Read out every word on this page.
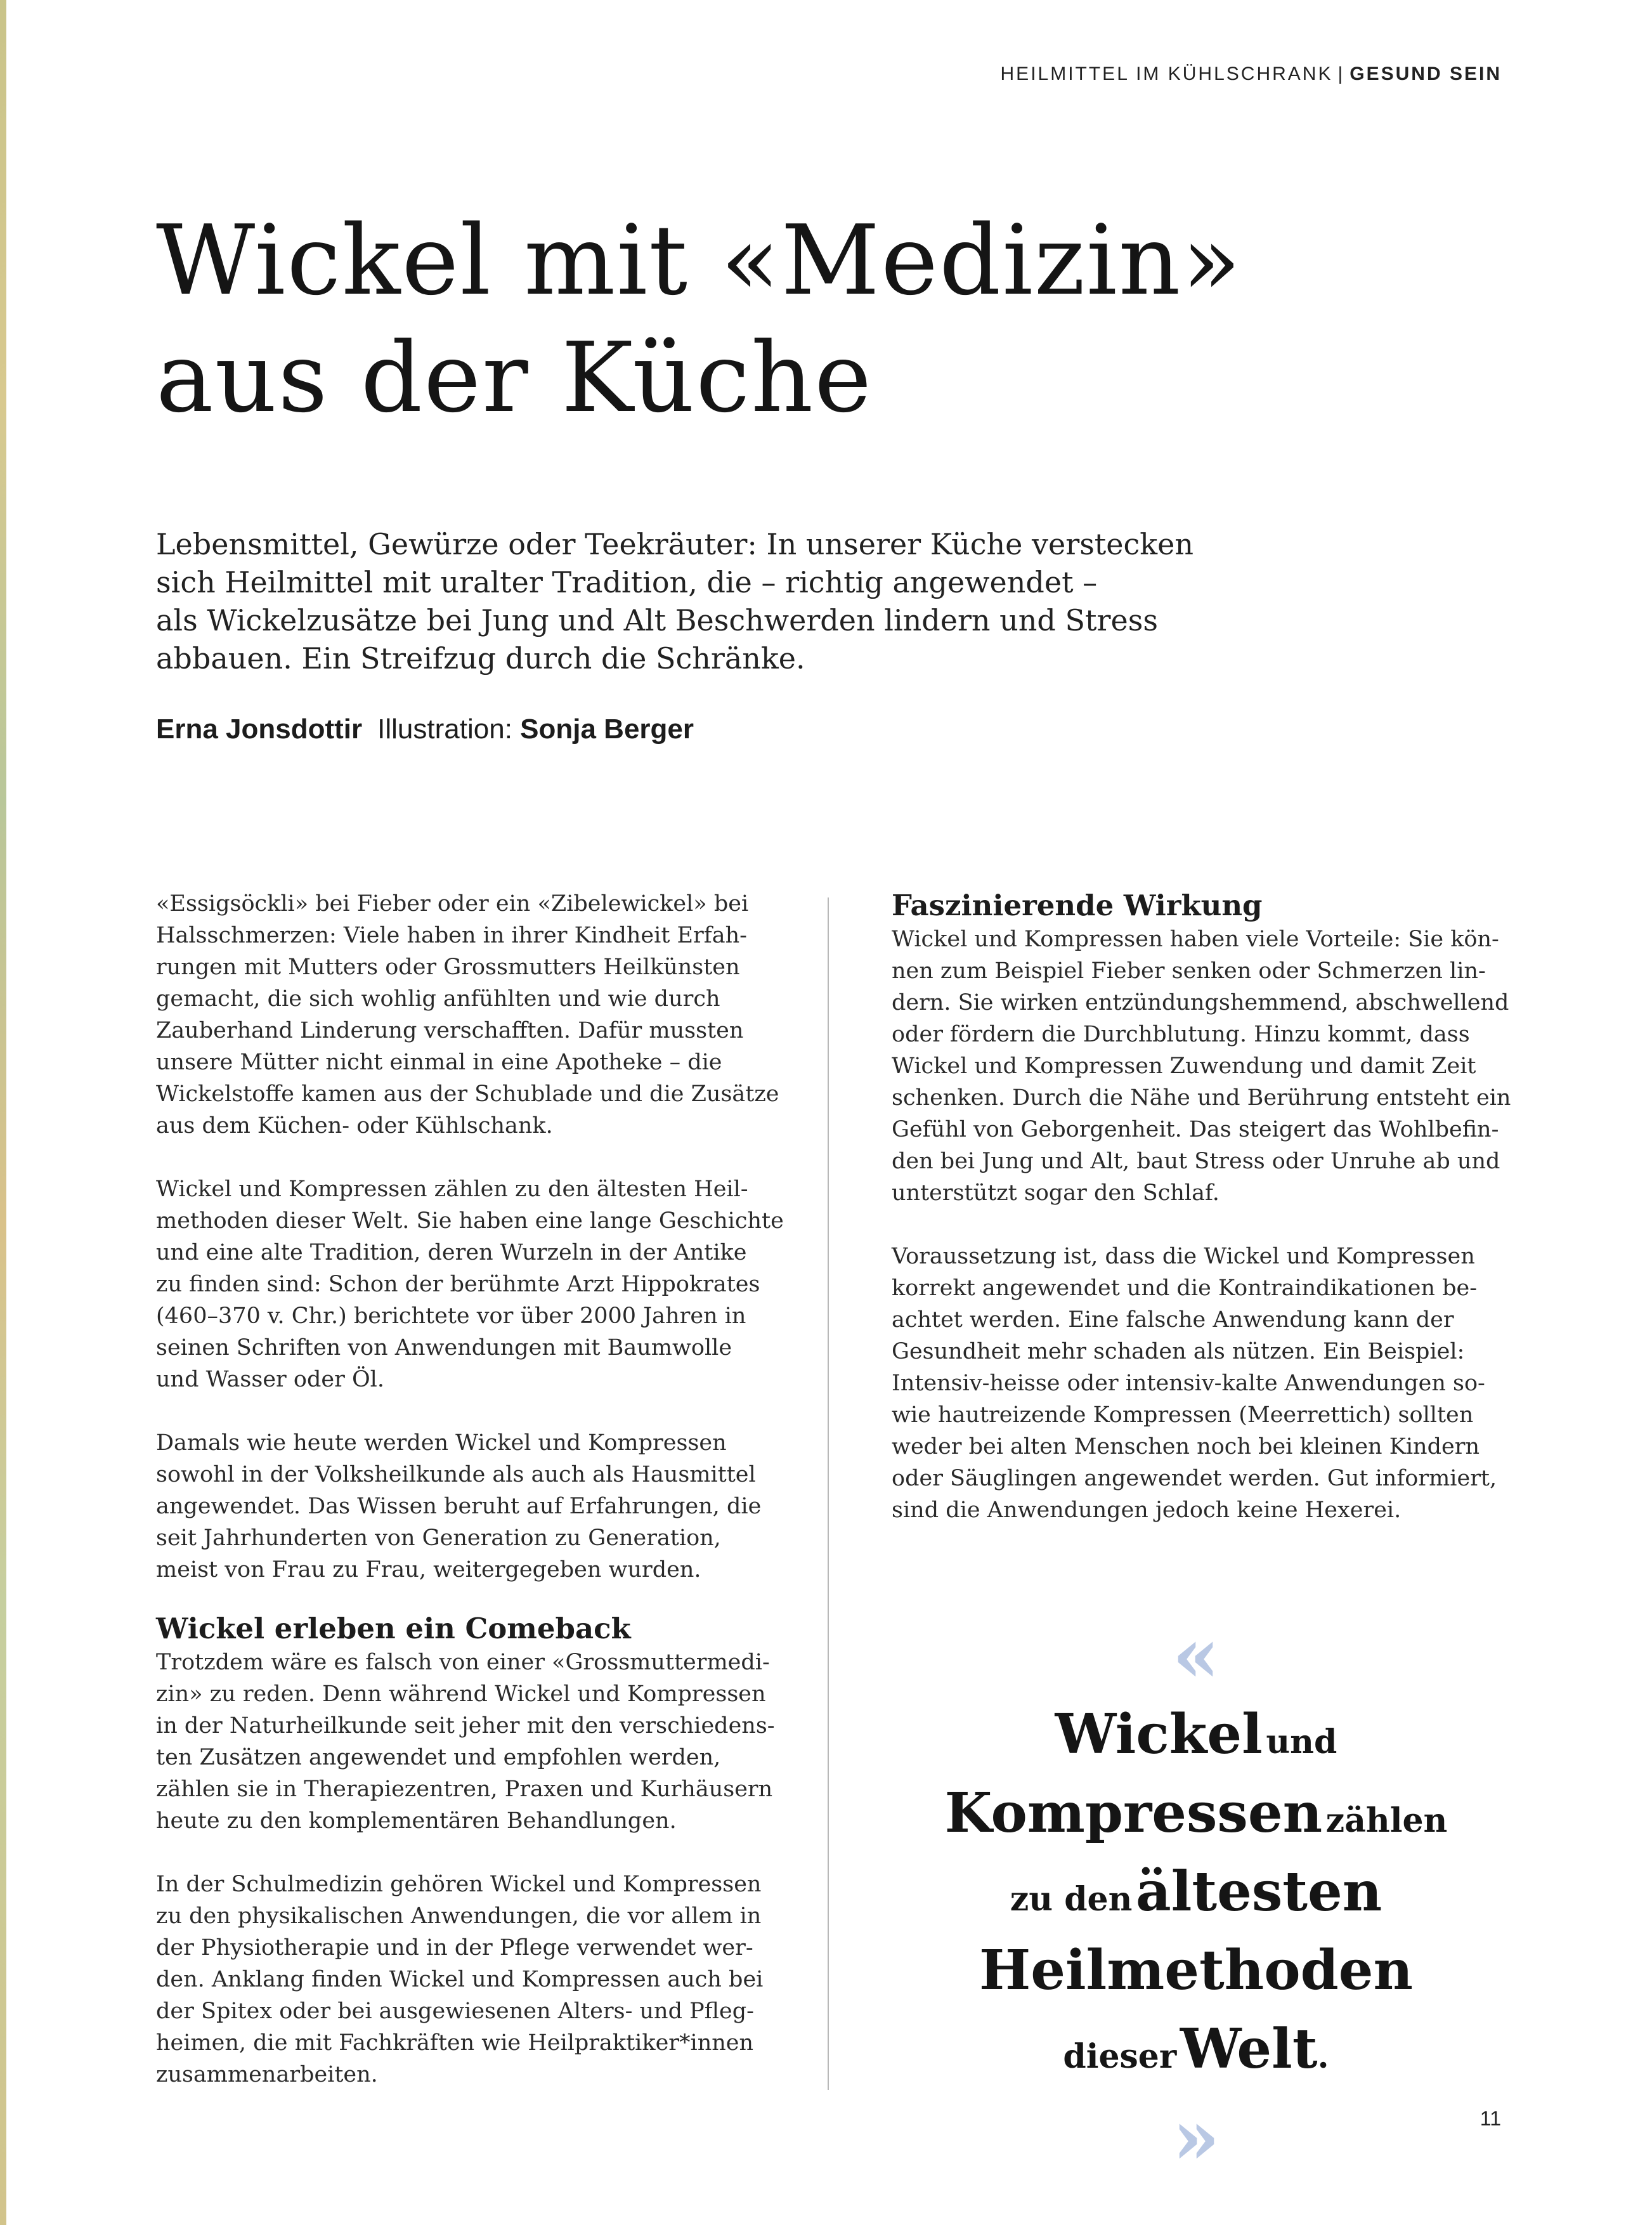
HEILMITTEL IM KÜHLSCHRANK | GESUND SEIN
Wickel mit «Medizin»
aus der Küche
Lebensmittel, Gewürze oder Teekräuter: In unserer Küche verstecken
sich Heilmittel mit uralter Tradition, die – richtig angewendet –
als Wickelzusätze bei Jung und Alt Beschwerden lindern und Stress
abbauen. Ein Streifzug durch die Schränke.
Erna Jonsdottir Illustration: Sonja Berger

«Essigsöckli» bei Fieber oder ein «Zibelewickel» bei
Halsschmerzen: Viele haben in ihrer Kindheit Erfah-
rungen mit Mutters oder Grossmutters Heilkünsten
gemacht, die sich wohlig anfühlten und wie durch
Zauberhand Linderung verschafften. Dafür mussten
unsere Mütter nicht einmal in eine Apotheke – die
Wickelstoffe kamen aus der Schublade und die Zusätze
aus dem Küchen- oder Kühlschank.

Wickel und Kompressen zählen zu den ältesten Heil-
methoden dieser Welt. Sie haben eine lange Geschichte
und eine alte Tradition, deren Wurzeln in der Antike
zu finden sind: Schon der berühmte Arzt Hippokrates
(460–370 v. Chr.) berichtete vor über 2000 Jahren in
seinen Schriften von Anwendungen mit Baumwolle
und Wasser oder Öl.

Damals wie heute werden Wickel und Kompressen
sowohl in der Volksheilkunde als auch als Hausmittel
angewendet. Das Wissen beruht auf Erfahrungen, die
seit Jahrhunderten von Generation zu Generation,
meist von Frau zu Frau, weitergegeben wurden.

Wickel erleben ein Comeback

Trotzdem wäre es falsch von einer «Grossmuttermedi-
zin» zu reden. Denn während Wickel und Kompressen
in der Naturheilkunde seit jeher mit den verschiedens-
ten Zusätzen angewendet und empfohlen werden,
zählen sie in Therapiezentren, Praxen und Kurhäusern
heute zu den komplementären Behandlungen.

In der Schulmedizin gehören Wickel und Kompressen
zu den physikalischen Anwendungen, die vor allem in
der Physiotherapie und in der Pflege verwendet wer-
den. Anklang finden Wickel und Kompressen auch bei
der Spitex oder bei ausgewiesenen Alters- und Pfleg-
heimen, die mit Fachkräften wie Heilpraktiker*innen
zusammenarbeiten.

Faszinierende Wirkung

Wickel und Kompressen haben viele Vorteile: Sie kön-
nen zum Beispiel Fieber senken oder Schmerzen lin-
dern. Sie wirken entzündungshemmend, abschwellend
oder fördern die Durchblutung. Hinzu kommt, dass
Wickel und Kompressen Zuwendung und damit Zeit
schenken. Durch die Nähe und Berührung entsteht ein
Gefühl von Geborgenheit. Das steigert das Wohlbefin-
den bei Jung und Alt, baut Stress oder Unruhe ab und
unterstützt sogar den Schlaf.

Voraussetzung ist, dass die Wickel und Kompressen
korrekt angewendet und die Kontraindikationen be-
achtet werden. Eine falsche Anwendung kann der
Gesundheit mehr schaden als nützen. Ein Beispiel:
Intensiv-heisse oder intensiv-kalte Anwendungen so-
wie hautreizende Kompressen (Meerrettich) sollten
weder bei alten Menschen noch bei kleinen Kindern
oder Säuglingen angewendet werden. Gut informiert,
sind die Anwendungen jedoch keine Hexerei.

«
Wickel und
Kompressen zählen
zu den ältesten
Heilmethoden
dieser Welt.
»	11
